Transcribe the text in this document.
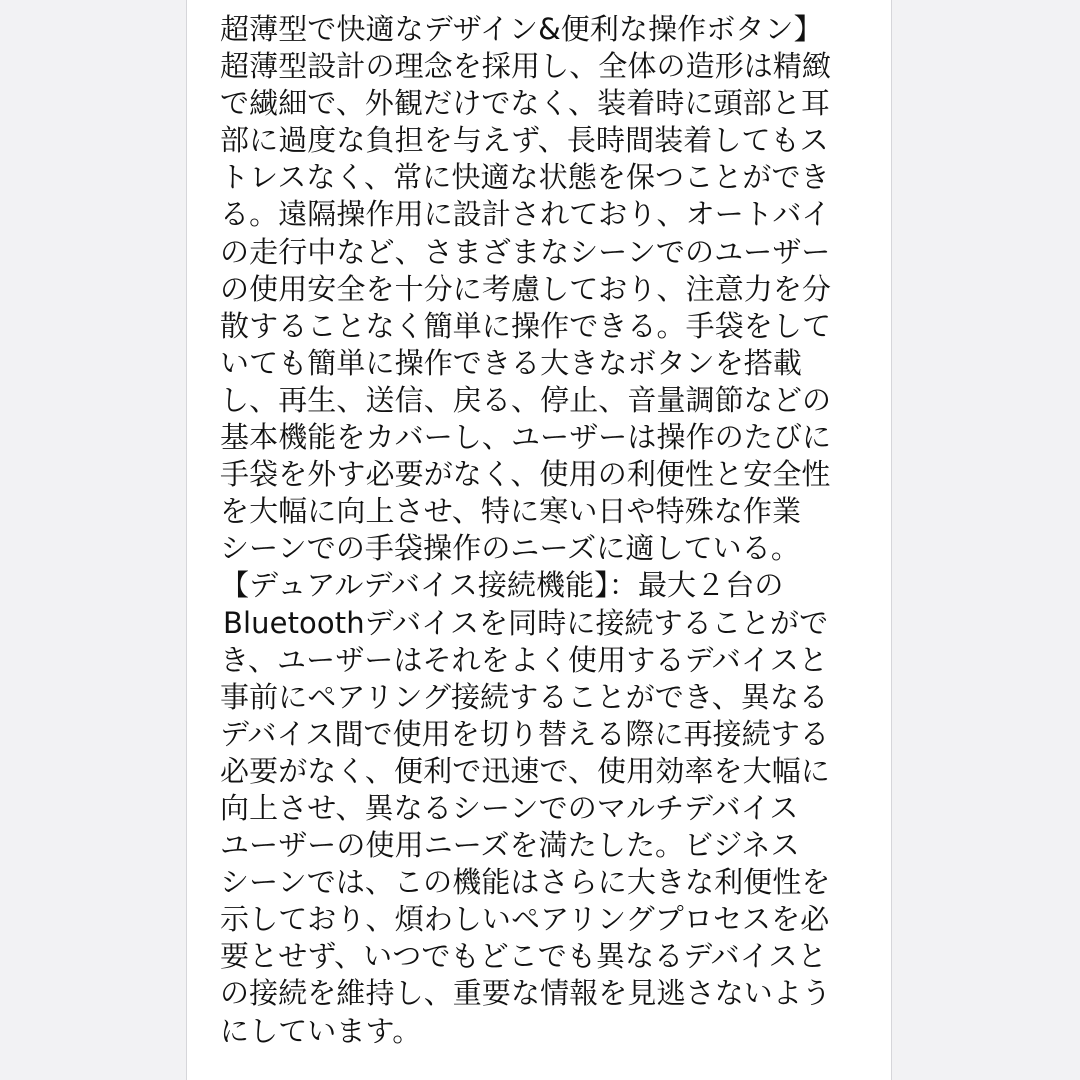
超薄型で快適なデザイン&便利な操作ボタン】
超薄型設計の理念を採用し、全体の造形は精緻
で繊細で、外観だけでなく、装着時に頭部と耳
部に過度な負担を与えず、長時間装着してもス
トレスなく、常に快適な状態を保つことができ
る。遠隔操作用に設計されており、オートバイ
の走行中など、さまざまなシーンでのユーザー
の使用安全を十分に考慮しており、注意力を分
散することなく簡単に操作できる。手袋をして
いても簡単に操作できる大きなボタンを搭載
し、再生、送信、戻る、停止、音量調節などの
基本機能をカバーし、ユーザーは操作のたびに
手袋を外す必要がなく、使用の利便性と安全性
を大幅に向上させ、特に寒い日や特殊な作業
シーンでの手袋操作のニーズに適している。
【デュアルデバイス接続機能】：最大２台の
Bluetoothデバイスを同時に接続することがで
き、ユーザーはそれをよく使用するデバイスと
事前にペアリング接続することができ、異なる
デバイス間で使用を切り替える際に再接続する
必要がなく、便利で迅速で、使用効率を大幅に
向上させ、異なるシーンでのマルチデバイス
ユーザーの使用ニーズを満たした。ビジネス
シーンでは、この機能はさらに大きな利便性を
示しており、煩わしいペアリングプロセスを必
要とせず、いつでもどこでも異なるデバイスと
の接続を維持し、重要な情報を見逃さないよう
にしています。
